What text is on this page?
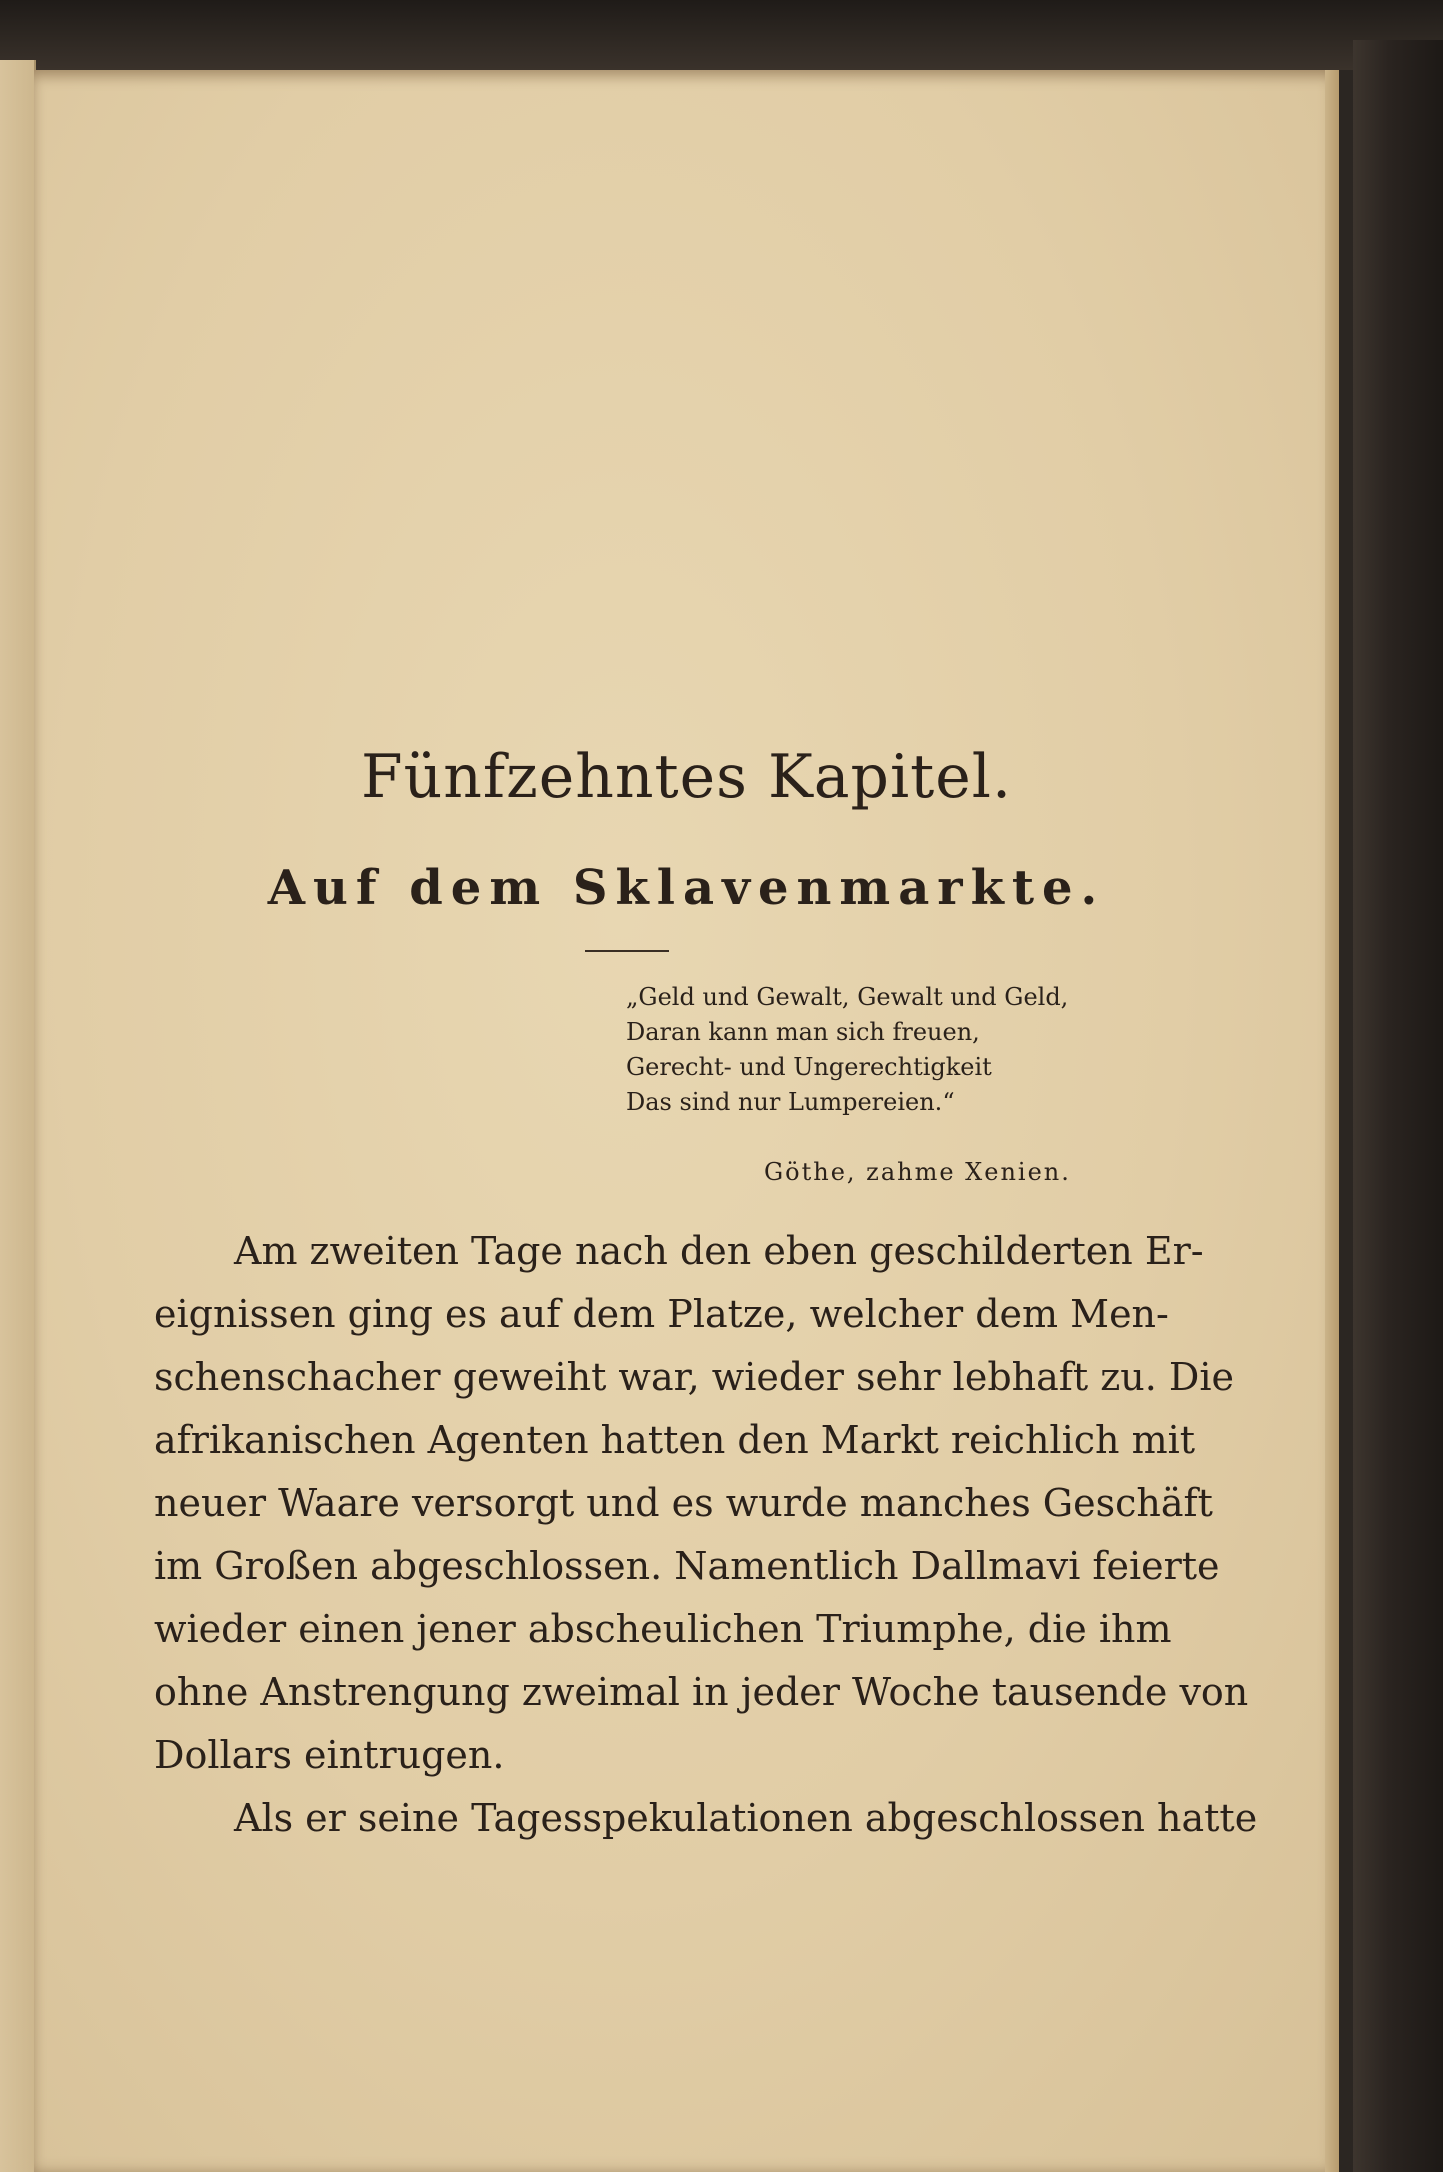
Fünfzehntes Kapitel.
Auf dem Sklavenmarkte.
„Geld und Gewalt, Gewalt und Geld,
Daran kann man sich freuen,
Gerecht- und Ungerechtigkeit
Das sind nur Lumpereien.“
Göthe, zahme Xenien.
Am zweiten Tage nach den eben geschilderten Er-
eignissen ging es auf dem Platze, welcher dem Men-
schenschacher geweiht war, wieder sehr lebhaft zu. Die
afrikanischen Agenten hatten den Markt reichlich mit
neuer Waare versorgt und es wurde manches Geschäft
im Großen abgeschlossen. Namentlich Dallmavi feierte
wieder einen jener abscheulichen Triumphe, die ihm
ohne Anstrengung zweimal in jeder Woche tausende von
Dollars eintrugen.
Als er seine Tagesspekulationen abgeschlossen hatte
